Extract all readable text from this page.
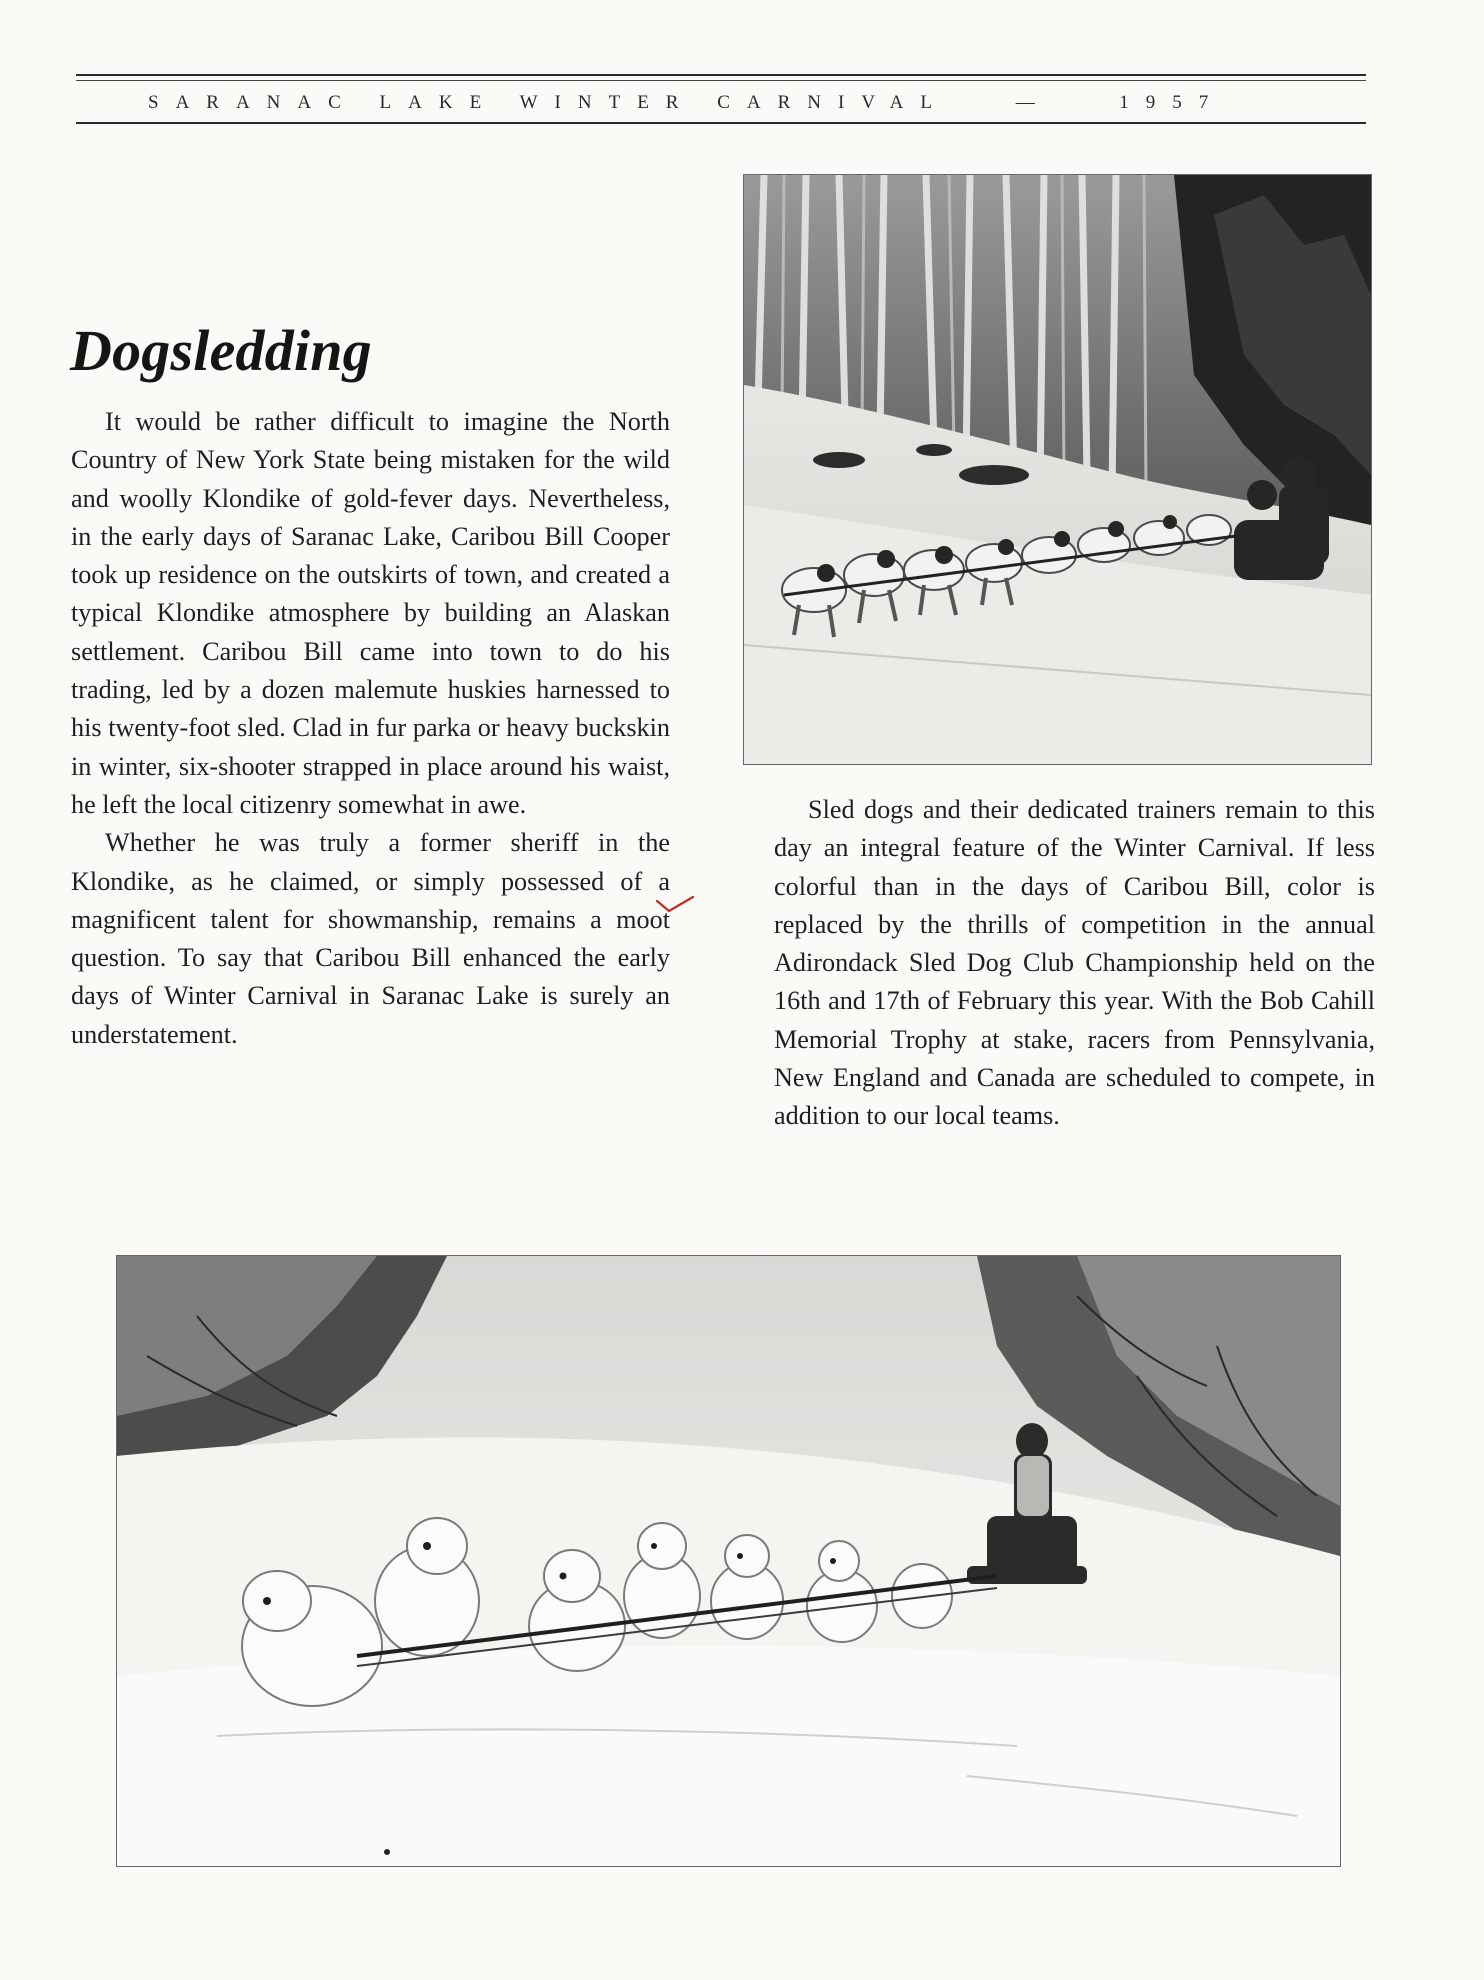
SARANAC LAKE WINTER CARNIVAL	—	1957
Dogsledding

It would be rather difficult to imagine the North Country of New York State being mistaken for the wild and woolly Klondike of gold-fever days. Nevertheless, in the early days of Saranac Lake, Caribou Bill Cooper took up residence on the outskirts of town, and created a typical Klondike atmosphere by building an Alaskan settlement. Caribou Bill came into town to do his trading, led by a dozen malemute huskies harnessed to his twenty-foot sled. Clad in fur parka or heavy buckskin in winter, six-shooter strapped in place around his waist, he left the local citizenry somewhat in awe.

Whether he was truly a former sheriff in the Klondike, as he claimed, or simply possessed of a magnificent talent for showmanship, remains a moot question. To say that Caribou Bill enhanced the early days of Winter Carnival in Saranac Lake is surely an understatement.

Sled dogs and their dedicated trainers remain to this day an integral feature of the Winter Carnival. If less colorful than in the days of Caribou Bill, color is replaced by the thrills of competition in the annual Adirondack Sled Dog Club Championship held on the 16th and 17th of February this year. With the Bob Cahill Memorial Trophy at stake, racers from Pennsylvania, New England and Canada are scheduled to compete, in addition to our local teams.
